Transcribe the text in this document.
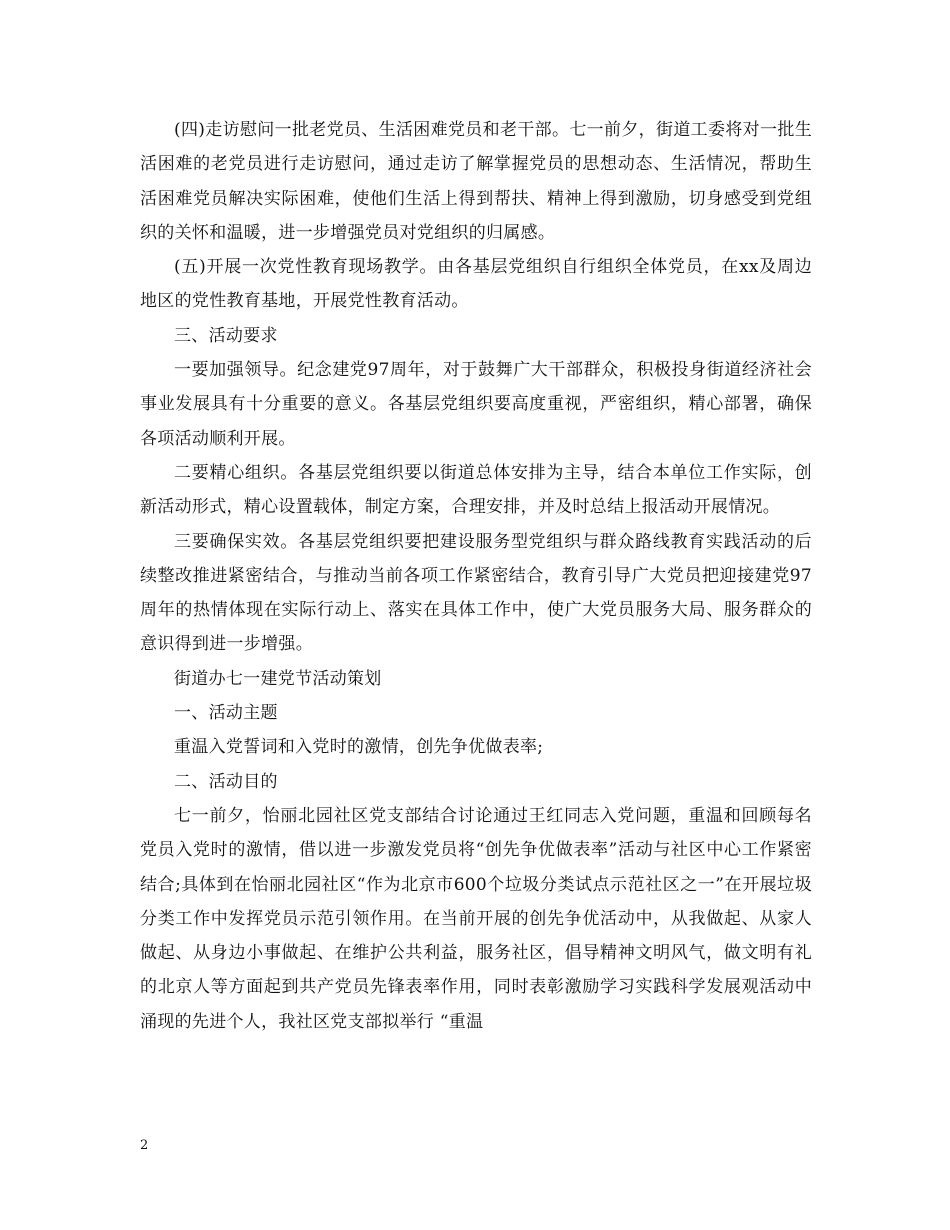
(四)走访慰问一批老党员、生活困难党员和老干部。七一前夕，街道工委将对一批生活困难的老党员进行走访慰问，通过走访了解掌握党员的思想动态、生活情况，帮助生活困难党员解决实际困难，使他们生活上得到帮扶、精神上得到激励，切身感受到党组织的关怀和温暖，进一步增强党员对党组织的归属感。

(五)开展一次党性教育现场教学。由各基层党组织自行组织全体党员，在xx及周边地区的党性教育基地，开展党性教育活动。

三、活动要求

一要加强领导。纪念建党97周年，对于鼓舞广大干部群众，积极投身街道经济社会事业发展具有十分重要的意义。各基层党组织要高度重视，严密组织，精心部署，确保各项活动顺利开展。

二要精心组织。各基层党组织要以街道总体安排为主导，结合本单位工作实际，创新活动形式，精心设置载体，制定方案，合理安排，并及时总结上报活动开展情况。

三要确保实效。各基层党组织要把建设服务型党组织与群众路线教育实践活动的后续整改推进紧密结合，与推动当前各项工作紧密结合，教育引导广大党员把迎接建党97周年的热情体现在实际行动上、落实在具体工作中，使广大党员服务大局、服务群众的意识得到进一步增强。

街道办七一建党节活动策划

一、活动主题

重温入党誓词和入党时的激情，创先争优做表率;

二、活动目的

七一前夕，怡丽北园社区党支部结合讨论通过王红同志入党问题，重温和回顾每名党员入党时的激情，借以进一步激发党员将“创先争优做表率”活动与社区中心工作紧密结合;具体到在怡丽北园社区“作为北京市600个垃圾分类试点示范社区之一”在开展垃圾分类工作中发挥党员示范引领作用。在当前开展的创先争优活动中，从我做起、从家人做起、从身边小事做起、在维护公共利益，服务社区，倡导精神文明风气，做文明有礼的北京人等方面起到共产党员先锋表率作用，同时表彰激励学习实践科学发展观活动中涌现的先进个人，我社区党支部拟举行 “重温

2
